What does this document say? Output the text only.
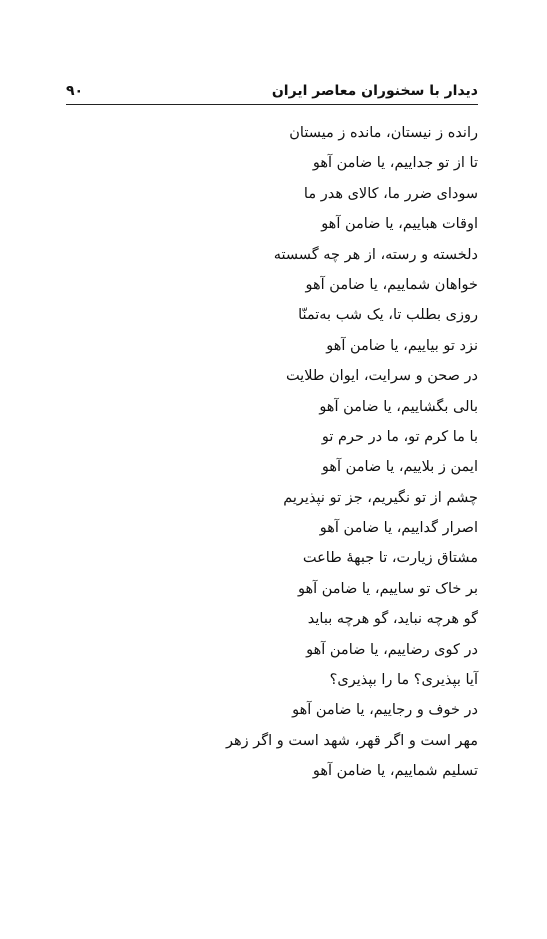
دیدار با سخنوران معاصر ایران
۹۰
رانده ز نیستان، مانده ز میستان
تا از تو جداییم، یا ضامن آهو
سودای ضرر ما، کالای هدر ما
اوقات هباییم، یا ضامن آهو
دلخسته و رسته، از هر چه گسسته
خواهان شماییم، یا ضامن آهو
روزی بطلب تا، یک شب به‌تمنّا
نزد تو بیاییم، یا ضامن آهو
در صحن و سرایت، ایوان طلایت
بالی بگشاییم، یا ضامن آهو
با ما کرم تو، ما در حرم تو
ایمن ز بلاییم، یا ضامن آهو
چشم از تو نگیریم، جز تو نپذیریم
اصرار گداییم، یا ضامن آهو
مشتاق زیارت، تا جبههٔ طاعت
بر خاک تو ساییم، یا ضامن آهو
گو هرچه نباید، گو هرچه بباید
در کوی رضاییم، یا ضامن آهو
آیا بپذیری؟ ما را بپذیری؟
در خوف و رجاییم، یا ضامن آهو
مهر است و اگر قهر، شهد است و اگر زهر
تسلیم شماییم، یا ضامن آهو
